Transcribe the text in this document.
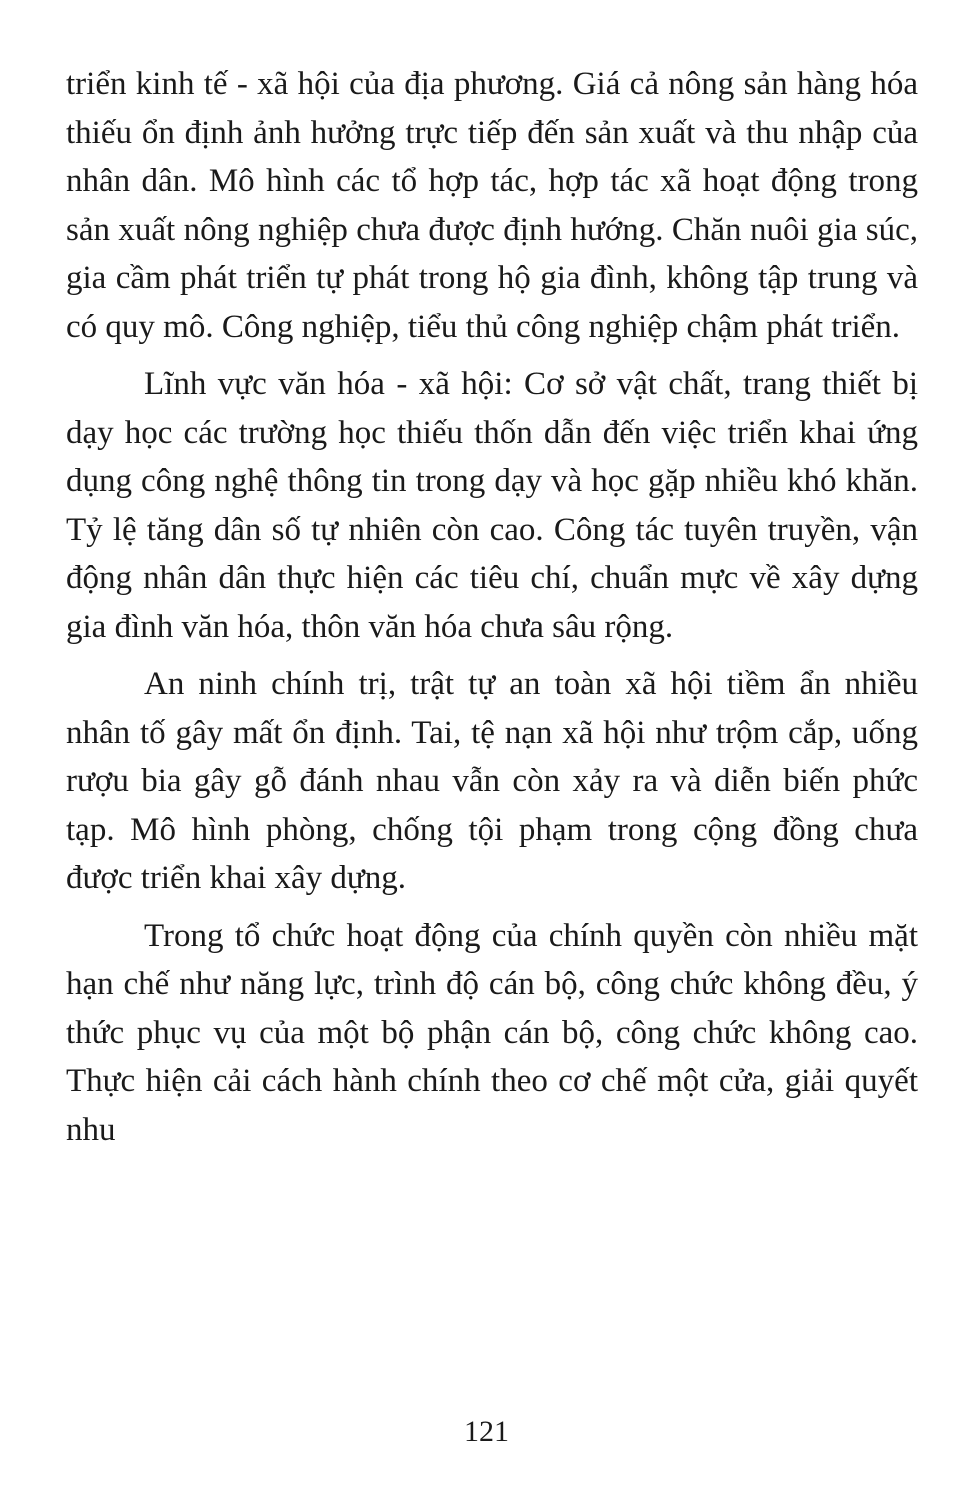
triển kinh tế - xã hội của địa phương. Giá cả nông sản hàng hóa thiếu ổn định ảnh hưởng trực tiếp đến sản xuất và thu nhập của nhân dân. Mô hình các tổ hợp tác, hợp tác xã hoạt động trong sản xuất nông nghiệp chưa được định hướng. Chăn nuôi gia súc, gia cầm phát triển tự phát trong hộ gia đình, không tập trung và có quy mô. Công nghiệp, tiểu thủ công nghiệp chậm phát triển.

Lĩnh vực văn hóa - xã hội: Cơ sở vật chất, trang thiết bị dạy học các trường học thiếu thốn dẫn đến việc triển khai ứng dụng công nghệ thông tin trong dạy và học gặp nhiều khó khăn. Tỷ lệ tăng dân số tự nhiên còn cao. Công tác tuyên truyền, vận động nhân dân thực hiện các tiêu chí, chuẩn mực về xây dựng gia đình văn hóa, thôn văn hóa chưa sâu rộng.

An ninh chính trị, trật tự an toàn xã hội tiềm ẩn nhiều nhân tố gây mất ổn định. Tai, tệ nạn xã hội như trộm cắp, uống rượu bia gây gỗ đánh nhau vẫn còn xảy ra và diễn biến phức tạp. Mô hình phòng, chống tội phạm trong cộng đồng chưa được triển khai xây dựng.

Trong tổ chức hoạt động của chính quyền còn nhiều mặt hạn chế như năng lực, trình độ cán bộ, công chức không đều, ý thức phục vụ của một bộ phận cán bộ, công chức không cao. Thực hiện cải cách hành chính theo cơ chế một cửa, giải quyết nhu

121
